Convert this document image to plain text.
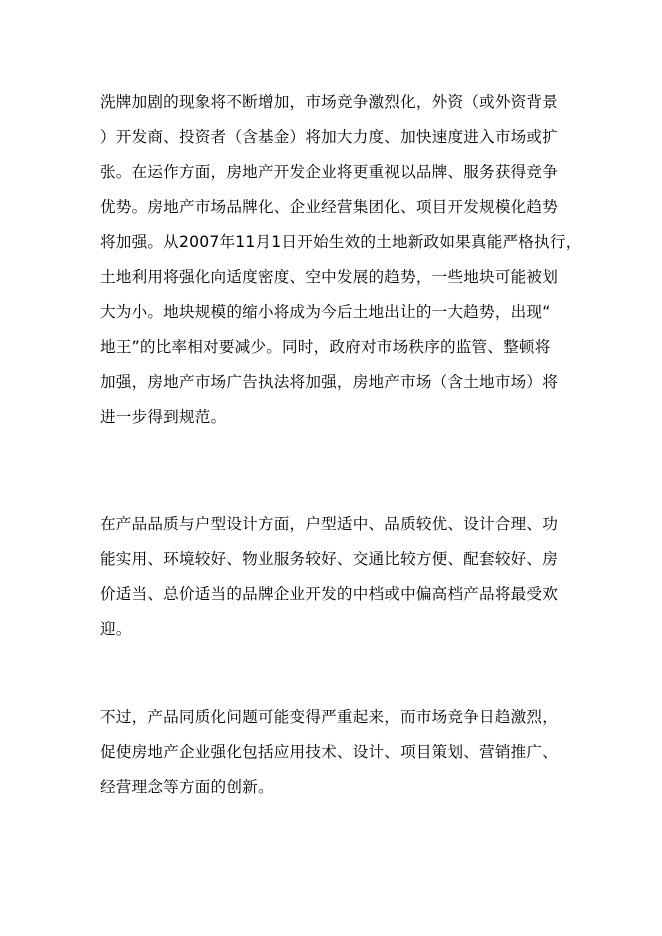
洗牌加剧的现象将不断增加，市场竞争激烈化，外资（或外资背景
）开发商、投资者（含基金）将加大力度、加快速度进入市场或扩
张。在运作方面，房地产开发企业将更重视以品牌、服务获得竞争
优势。房地产市场品牌化、企业经营集团化、项目开发规模化趋势
将加强。从2007年11月1日开始生效的土地新政如果真能严格执行，
土地利用将强化向适度密度、空中发展的趋势，一些地块可能被划
大为小。地块规模的缩小将成为今后土地出让的一大趋势，出现“
地王”的比率相对要减少。同时，政府对市场秩序的监管、整顿将
加强，房地产市场广告执法将加强，房地产市场（含土地市场）将
进一步得到规范。
在产品品质与户型设计方面，户型适中、品质较优、设计合理、功
能实用、环境较好、物业服务较好、交通比较方便、配套较好、房
价适当、总价适当的品牌企业开发的中档或中偏高档产品将最受欢
迎。
不过，产品同质化问题可能变得严重起来，而市场竞争日趋激烈，
促使房地产企业强化包括应用技术、设计、项目策划、营销推广、
经营理念等方面的创新。
